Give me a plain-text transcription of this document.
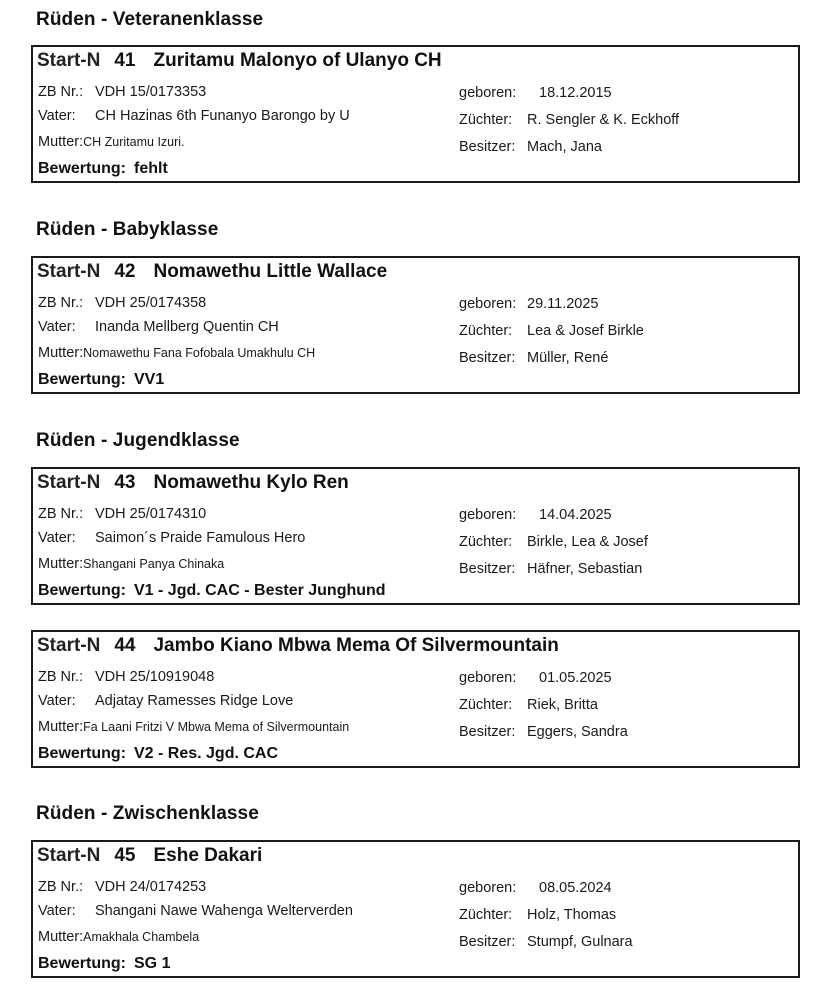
Rüden - Veteranenklasse
Rüden - Babyklasse
Rüden - Jugendklasse
Rüden - Zwischenklasse
Start-N 41 Zuritamu Malonyo of Ulanyo CH
ZB Nr.: VDH 15/0173353
Vater: CH Hazinas 6th Funanyo Barongo by U
Mutter:CH Zuritamu Izuri.
Bewertung: fehlt
geboren: 18.12.2015
Züchter: R. Sengler & K. Eckhoff
Besitzer: Mach, Jana
Start-N 42 Nomawethu Little Wallace
ZB Nr.: VDH 25/0174358
Vater: Inanda Mellberg Quentin CH
Mutter:Nomawethu Fana Fofobala Umakhulu CH
Bewertung: VV1
geboren: 29.11.2025
Züchter: Lea & Josef Birkle
Besitzer: Müller, René
Start-N 43 Nomawethu Kylo Ren
ZB Nr.: VDH 25/0174310
Vater: Saimon´s Praide Famulous Hero
Mutter:Shangani Panya Chinaka
Bewertung: V1 - Jgd. CAC - Bester Junghund
geboren: 14.04.2025
Züchter: Birkle, Lea & Josef
Besitzer: Häfner, Sebastian
Start-N 44 Jambo Kiano Mbwa Mema Of Silvermountain
ZB Nr.: VDH 25/10919048
Vater: Adjatay Ramesses Ridge Love
Mutter:Fa Laani Fritzi V Mbwa Mema of Silvermountain
Bewertung: V2 - Res. Jgd. CAC
geboren: 01.05.2025
Züchter: Riek, Britta
Besitzer: Eggers, Sandra
Start-N 45 Eshe Dakari
ZB Nr.: VDH 24/0174253
Vater: Shangani Nawe Wahenga Welterverden
Mutter:Amakhala Chambela
Bewertung: SG 1
geboren: 08.05.2024
Züchter: Holz, Thomas
Besitzer: Stumpf, Gulnara
